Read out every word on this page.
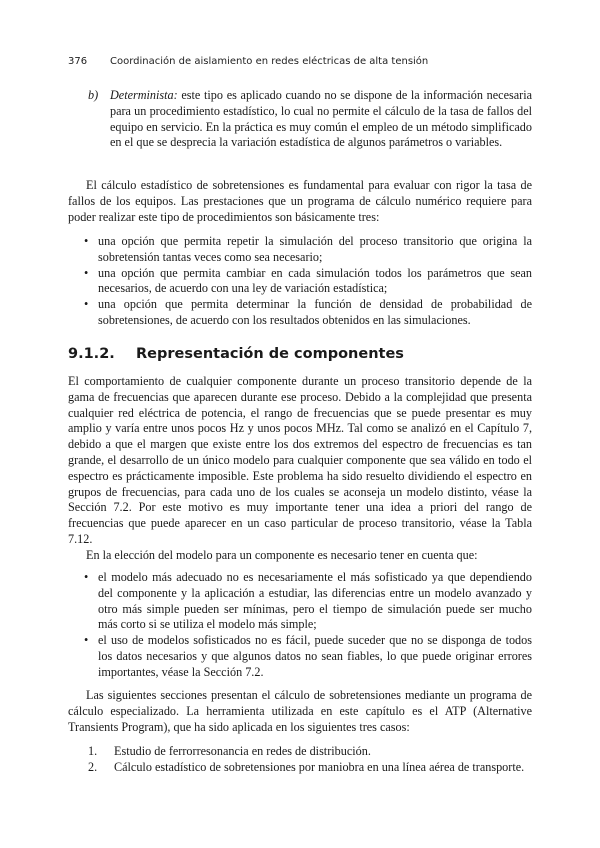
376 Coordinación de aislamiento en redes eléctricas de alta tensión
b) Determinista: este tipo es aplicado cuando no se dispone de la información necesaria para un procedimiento estadístico, lo cual no permite el cálculo de la tasa de fallos del equipo en servicio. En la práctica es muy común el empleo de un método simplificado en el que se desprecia la variación estadística de algunos parámetros o variables.

El cálculo estadístico de sobretensiones es fundamental para evaluar con rigor la tasa de fallos de los equipos. Las prestaciones que un programa de cálculo numérico requiere para poder realizar este tipo de procedimientos son básicamente tres:

• una opción que permita repetir la simulación del proceso transitorio que origina la sobretensión tantas veces como sea necesario;
• una opción que permita cambiar en cada simulación todos los parámetros que sean necesarios, de acuerdo con una ley de variación estadística;
• una opción que permita determinar la función de densidad de probabilidad de sobretensiones, de acuerdo con los resultados obtenidos en las simulaciones.
9.1.2. Representación de componentes

El comportamiento de cualquier componente durante un proceso transitorio depende de la gama de frecuencias que aparecen durante ese proceso. Debido a la complejidad que presenta cualquier red eléctrica de potencia, el rango de frecuencias que se puede presentar es muy amplio y varía entre unos pocos Hz y unos pocos MHz. Tal como se analizó en el Capítulo 7, debido a que el margen que existe entre los dos extremos del espectro de frecuencias es tan grande, el desarrollo de un único modelo para cualquier componente que sea válido en todo el espectro es prácticamente imposible. Este problema ha sido resuelto dividiendo el espectro en grupos de frecuencias, para cada uno de los cuales se aconseja un modelo distinto, véase la Sección 7.2. Por este motivo es muy importante tener una idea a priori del rango de frecuencias que puede aparecer en un caso particular de proceso transitorio, véase la Tabla 7.12.

En la elección del modelo para un componente es necesario tener en cuenta que:

• el modelo más adecuado no es necesariamente el más sofisticado ya que dependiendo del componente y la aplicación a estudiar, las diferencias entre un modelo avanzado y otro más simple pueden ser mínimas, pero el tiempo de simulación puede ser mucho más corto si se utiliza el modelo más simple;
• el uso de modelos sofisticados no es fácil, puede suceder que no se disponga de todos los datos necesarios y que algunos datos no sean fiables, lo que puede originar errores importantes, véase la Sección 7.2.

Las siguientes secciones presentan el cálculo de sobretensiones mediante un programa de cálculo especializado. La herramienta utilizada en este capítulo es el ATP (Alternative Transients Program), que ha sido aplicada en los siguientes tres casos:

1. Estudio de ferrorresonancia en redes de distribución.
2. Cálculo estadístico de sobretensiones por maniobra en una línea aérea de transporte.
